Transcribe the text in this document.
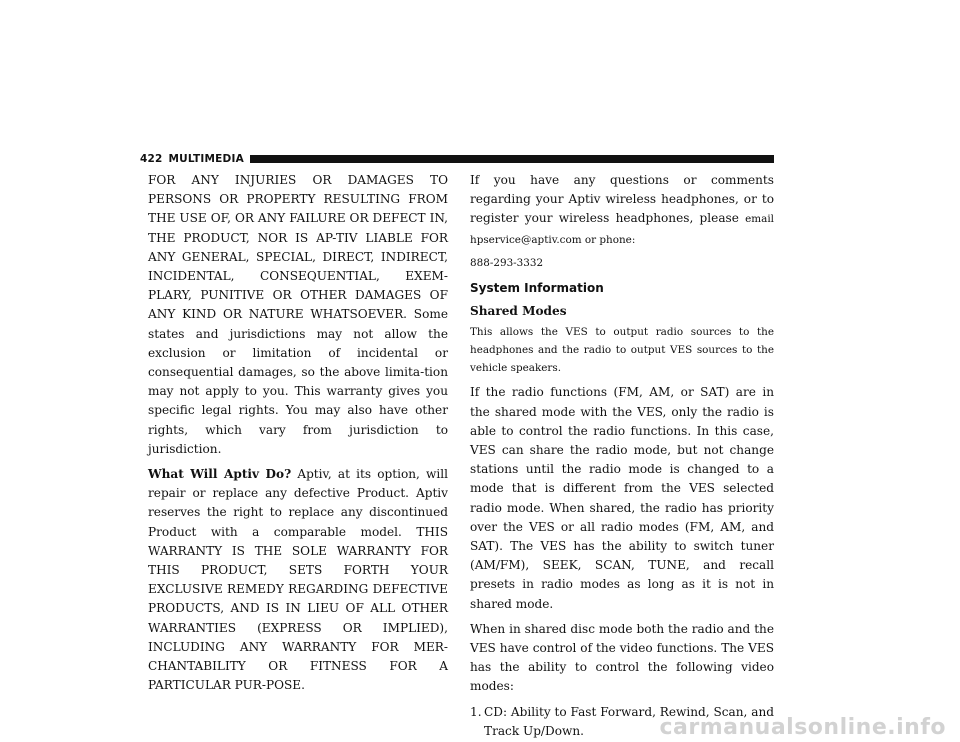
422 MULTIMEDIA

FOR ANY INJURIES OR DAMAGES TO PERSONS OR PROPERTY RESULTING FROM THE USE OF, OR ANY FAILURE OR DEFECT IN, THE PRODUCT, NOR IS AP-TIV LIABLE FOR ANY GENERAL, SPECIAL, DIRECT, INDIRECT, INCIDENTAL, CONSEQUENTIAL, EXEM-PLARY, PUNITIVE OR OTHER DAMAGES OF ANY KIND OR NATURE WHATSOEVER. Some states and jurisdictions may not allow the exclusion or limitation of incidental or consequential damages, so the above limita-tion may not apply to you. This warranty gives you specific legal rights. You may also have other rights, which vary from jurisdiction to jurisdiction.

What Will Aptiv Do? Aptiv, at its option, will repair or replace any defective Product. Aptiv reserves the right to replace any discontinued Product with a comparable model. THIS WARRANTY IS THE SOLE WARRANTY FOR THIS PRODUCT, SETS FORTH YOUR EXCLUSIVE REMEDY REGARDING DEFECTIVE PRODUCTS, AND IS IN LIEU OF ALL OTHER WARRANTIES (EXPRESS OR IMPLIED), INCLUDING ANY WARRANTY FOR MER-CHANTABILITY OR FITNESS FOR A PARTICULAR PUR-POSE.

If you have any questions or comments regarding your Aptiv wireless headphones, or to register your wireless headphones, please email hpservice@aptiv.com or phone:

888-293-3332

System Information

Shared Modes

This allows the VES to output radio sources to the headphones and the radio to output VES sources to the vehicle speakers.

If the radio functions (FM, AM, or SAT) are in the shared mode with the VES, only the radio is able to control the radio functions. In this case, VES can share the radio mode, but not change stations until the radio mode is changed to a mode that is different from the VES selected radio mode. When shared, the radio has priority over the VES or all radio modes (FM, AM, and SAT). The VES has the ability to switch tuner (AM/FM), SEEK, SCAN, TUNE, and recall presets in radio modes as long as it is not in shared mode.

When in shared disc mode both the radio and the VES have control of the video functions. The VES has the ability to control the following video modes:

1. CD: Ability to Fast Forward, Rewind, Scan, and Track Up/Down.	carmanualsonline.info
